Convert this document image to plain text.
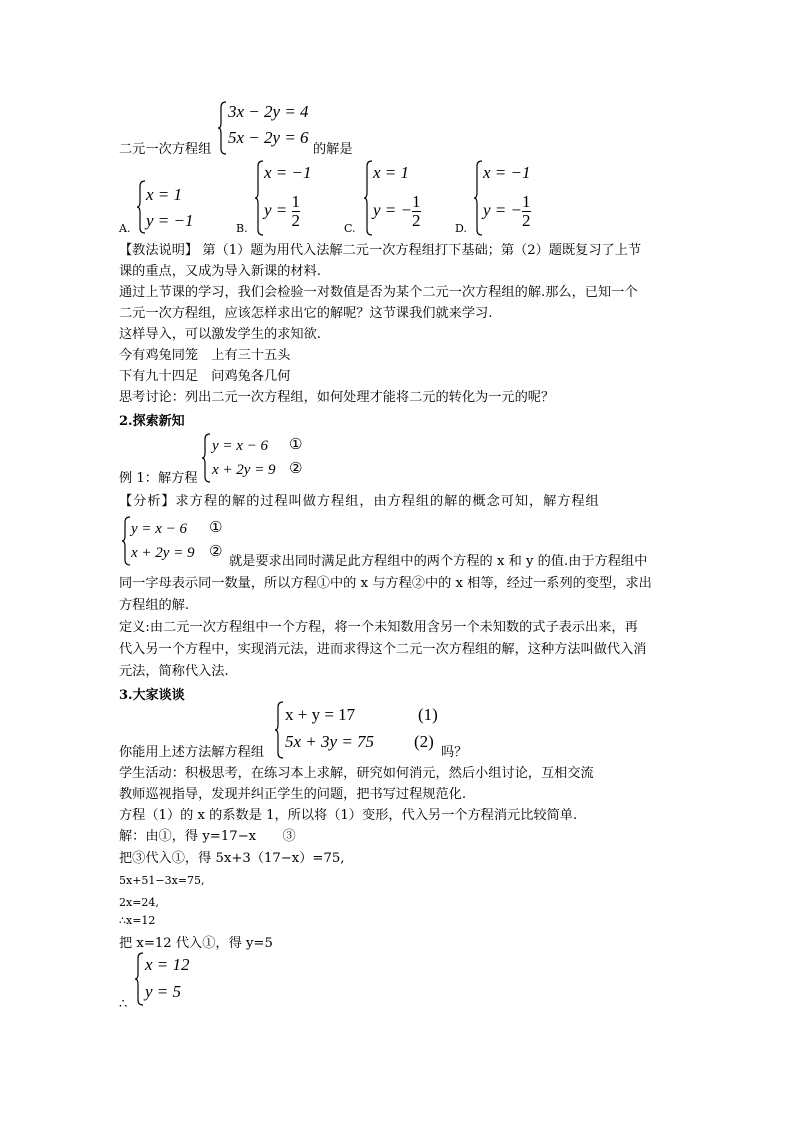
二元一次方程组
3x − 2y = 4
5x − 2y = 6
的解是
A.
x = 1
y = −1	B.
x = −1
$y = \frac{1}{2}$	C.
x = 1
y = − $\frac{1}{2}$	D.
x = −1
y = − $\frac{1}{2}$
【教法说明】 第（1）题为用代入法解二元一次方程组打下基础；第（2）题既复习了上节
课的重点，又成为导入新课的材料.
通过上节课的学习，我们会检验一对数值是否为某个二元一次方程组的解.那么，已知一个
二元一次方程组，应该怎样求出它的解呢？这节课我们就来学习.
这样导入，可以激发学生的求知欲.
今有鸡兔同笼　上有三十五头
下有九十四足　问鸡兔各几何
思考讨论：列出二元一次方程组，如何处理才能将二元的转化为一元的呢？
2.探索新知
例 1：解方程
y = x − 6
x + 2y = 9
①
②
【分析】求方程的解的过程叫做方程组，由方程组的解的概念可知，解方程组
y = x − 6
x + 2y = 9
①
②
就是要求出同时满足此方程组中的两个方程的 x 和 y 的值.由于方程组中
同一字母表示同一数量，所以方程①中的 x 与方程②中的 x 相等，经过一系列的变型，求出
方程组的解.
定义:由二元一次方程组中一个方程，将一个未知数用含另一个未知数的式子表示出来，再
代入另一个方程中，实现消元法，进而求得这个二元一次方程组的解，这种方法叫做代入消
元法，简称代入法.
3.大家谈谈
你能用上述方法解方程组
x + y = 17
5x + 3y = 75
(1)
(2)
吗？
学生活动：积极思考，在练习本上求解，研究如何消元，然后小组讨论，互相交流
教师巡视指导，发现并纠正学生的问题，把书写过程规范化.
方程（1）的 x 的系数是 1，所以将（1）变形，代入另一个方程消元比较简单.
解：由①，得 y=17−x　　③
把③代入①，得 5x+3（17−x）=75,
5x+51−3x=75,
2x=24,
∴x=12
把 x=12 代入①，得 y=5
x = 12
y = 5
∴
